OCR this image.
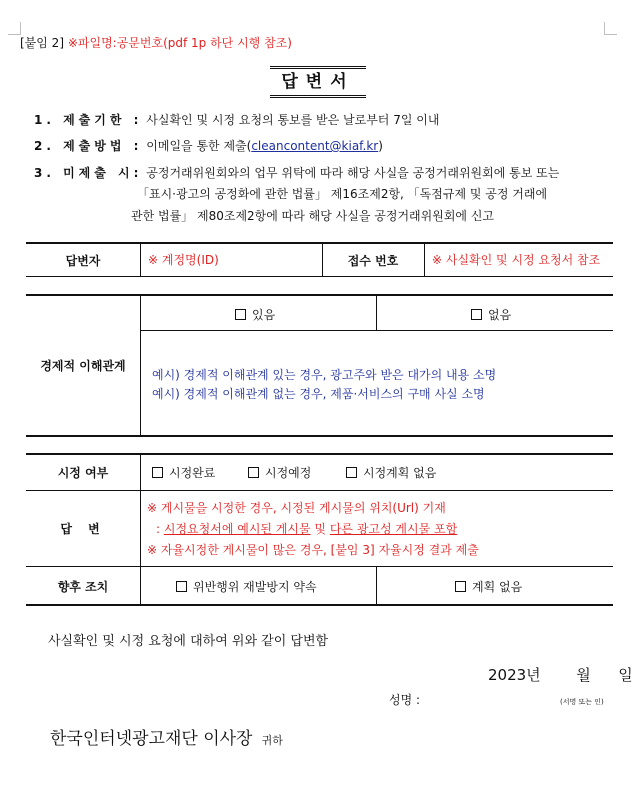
[붙임 2] ※파일명:공문번호(pdf 1p 하단 시행 참조)
답변서
1. 제출기한 : 사실확인 및 시정 요청의 통보를 받은 날로부터 7일 이내
2. 제출방법 : 이메일을 통한 제출(cleancontent@kiaf.kr)
3. 미제출 시: 공정거래위원회와의 업무 위탁에 따라 해당 사실을 공정거래위원회에 통보 또는
「표시·광고의 공정화에 관한 법률」 제16조제2항, 「독점규제 및 공정 거래에
관한 법률」 제80조제2항에 따라 해당 사실을 공정거래위원회에 신고
답변자	※ 계정명(ID)	접수 번호	※ 사실확인 및 시정 요청서 참조
경제적 이해관계
있음	없음
예시) 경제적 이해관계 있는 경우, 광고주와 받은 대가의 내용 소명
예시) 경제적 이해관계 없는 경우, 제품·서비스의 구매 사실 소명
시정 여부	시정완료	시정예정	시정계획 없음
답 변
※ 게시물을 시정한 경우, 시정된 게시물의 위치(Url) 기재
: 시정요청서에 예시된 게시물 및 다른 광고성 게시물 포함
※ 자율시정한 게시물이 많은 경우, [붙임 3] 자율시정 결과 제출
향후 조치	위반행위 재발방지 약속	계획 없음
사실확인 및 시정 요청에 대하여 위와 같이 답변함
2023년 월 일
성명 :	(서명 또는 인)
한국인터넷광고재단 이사장 귀하
